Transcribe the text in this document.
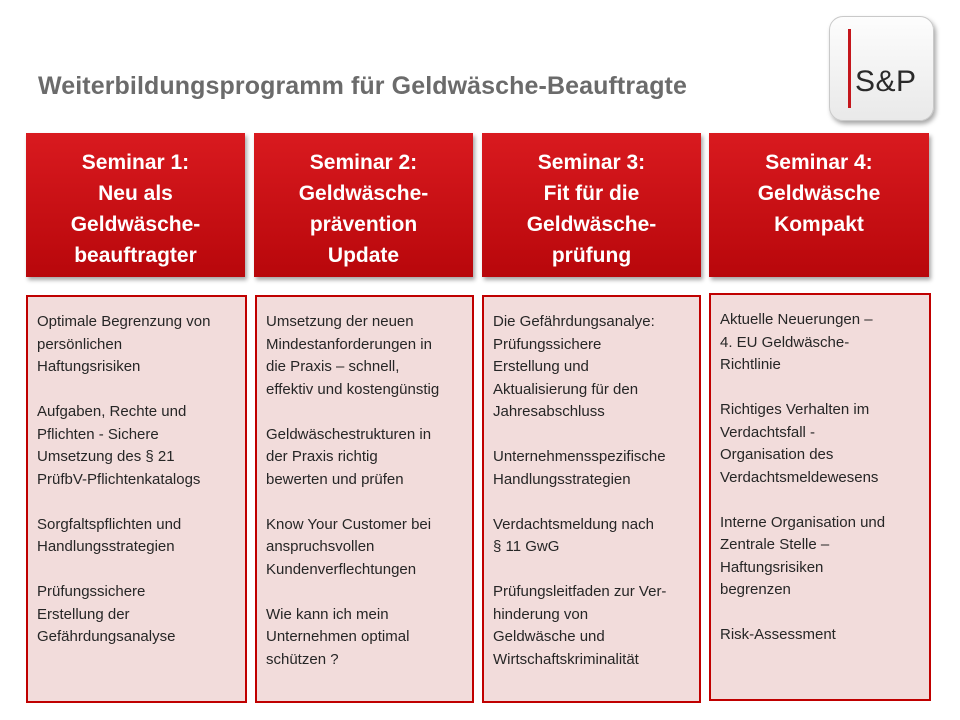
Weiterbildungsprogramm für Geldwäsche-Beauftragte	S&P
Seminar 1:
Neu als
Geldwäsche-
beauftragter
Optimale Begrenzung von
persönlichen
Haftungsrisiken
Aufgaben, Rechte und
Pflichten - Sichere
Umsetzung des § 21
PrüfbV-Pflichtenkatalogs
Sorgfaltspflichten und
Handlungsstrategien
Prüfungssichere
Erstellung der
Gefährdungsanalyse
Seminar 2:
Geldwäsche-
prävention
Update
Umsetzung der neuen
Mindestanforderungen in
die Praxis – schnell,
effektiv und kostengünstig
Geldwäschestrukturen in
der Praxis richtig
bewerten und prüfen
Know Your Customer bei
anspruchsvollen
Kundenverflechtungen
Wie kann ich mein
Unternehmen optimal
schützen ?
Seminar 3:
Fit für die
Geldwäsche-
prüfung
Die Gefährdungsanalye:
Prüfungssichere
Erstellung und
Aktualisierung für den
Jahresabschluss
Unternehmensspezifische
Handlungsstrategien
Verdachtsmeldung nach
§ 11 GwG
Prüfungsleitfaden zur Ver-
hinderung von
Geldwäsche und
Wirtschaftskriminalität
Seminar 4:
Geldwäsche
Kompakt
Aktuelle Neuerungen –
4. EU Geldwäsche-
Richtlinie
Richtiges Verhalten im
Verdachtsfall -
Organisation des
Verdachtsmeldewesens
Interne Organisation und
Zentrale Stelle –
Haftungsrisiken
begrenzen
Risk-Assessment
